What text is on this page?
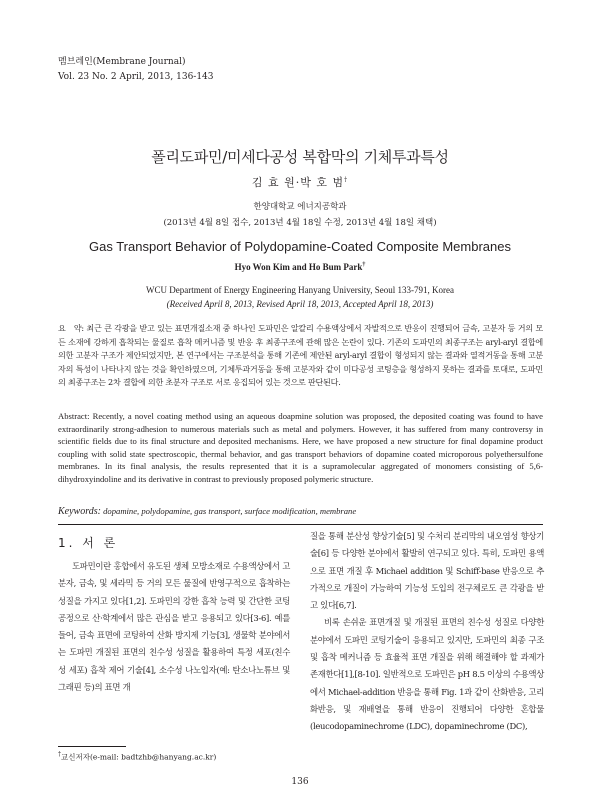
멤브레인(Membrane Journal)
Vol. 23 No. 2 April, 2013, 136-143
폴리도파민/미세다공성 복합막의 기체투과특성
김 효 원·박 호 범†
한양대학교 에너지공학과
(2013년 4월 8일 접수, 2013년 4월 18일 수정, 2013년 4월 18일 채택)
Gas Transport Behavior of Polydopamine-Coated Composite Membranes
Hyo Won Kim and Ho Bum Park†
WCU Department of Energy Engineering Hanyang University, Seoul 133-791, Korea
(Received April 8, 2013, Revised April 18, 2013, Accepted April 18, 2013)
요　약: 최근 큰 각광을 받고 있는 표면개질소재 중 하나인 도파민은 알칼리 수용액상에서 자발적으로 반응이 진행되어 금속, 고분자 등 거의 모든 소재에 강하게 흡착되는 물질로 흡착 메커니즘 및 반응 후 최종구조에 관해 많은 논란이 있다. 기존의 도파민의 최종구조는 aryl-aryl 결합에 의한 고분자 구조가 제안되었지만, 본 연구에서는 구조분석을 통해 기존에 제안된 aryl-aryl 결합이 형성되지 않는 결과와 열적거동을 통해 고분자의 특성이 나타나지 않는 것을 확인하였으며, 기체투과거동을 통해 고분자와 같이 미다공성 코팅층을 형성하지 못하는 결과를 토대로, 도파민의 최종구조는 2차 결합에 의한 초분자 구조로 서로 응집되어 있는 것으로 판단된다.
Abstract: Recently, a novel coating method using an aqueous doapmine solution was proposed, the deposited coating was found to have extraordinarily strong-adhesion to numerous materials such as metal and polymers. However, it has suffered from many controversy in scientific fields due to its final structure and deposited mechanisms. Here, we have proposed a new structure for final dopamine product coupling with solid state spectroscopic, thermal behavior, and gas transport behaviors of dopamine coated microporous polyethersulfone membranes. In its final analysis, the results represented that it is a supramolecular aggregated of monomers consisting of 5,6-dihydroxyindoline and its derivative in contrast to previously proposed polymeric structure.
Keywords: dopamine, polydopamine, gas transport, surface modification, membrane
1. 서 론
도파민이란 홍합에서 유도된 생체 모방소재로 수용액상에서 고분자, 금속, 및 세라믹 등 거의 모든 물질에 반영구적으로 흡착하는 성질을 가지고 있다[1,2]. 도파민의 강한 흡착 능력 및 간단한 코팅 공정으로 산·학계에서 많은 관심을 받고 응용되고 있다[3-6]. 예를 들어, 금속 표면에 코팅하여 산화 방지제 기능[3], 생물학 분야에서는 도파민 개질된 표면의 친수성 성질을 활용하여 특정 세포(친수성 세포) 흡착 제어 기술[4], 소수성 나노입자(예: 탄소나노튜브 및 그래핀 등)의 표면 개

질을 통해 분산성 향상기술[5] 및 수처리 분리막의 내오염성 향상기술[6] 등 다양한 분야에서 활발히 연구되고 있다. 특히, 도파민 용액으로 표면 개질 후 Michael addition 및 Schiff-base 반응으로 추가적으로 개질이 가능하여 기능성 도입의 전구체로도 큰 각광을 받고 있다[6,7].

비록 손쉬운 표면개질 및 개질된 표면의 친수성 성질로 다양한 분야에서 도파민 코팅기술이 응용되고 있지만, 도파민의 최종 구조 및 흡착 메커니즘 등 효율적 표면 개질을 위해 해결해야 할 과제가 존재한다[1],[8-10]. 일반적으로 도파민은 pH 8.5 이상의 수용액상에서 Michael-addition 반응을 통해 Fig. 1과 같이 산화반응, 고리화반응, 및 재배열을 통해 반응이 진행되어 다양한 혼합물 (leucodopaminechrome (LDC), dopaminechrome (DC),

†교신저자(e-mail: badtzhb@hanyang.ac.kr)
136
